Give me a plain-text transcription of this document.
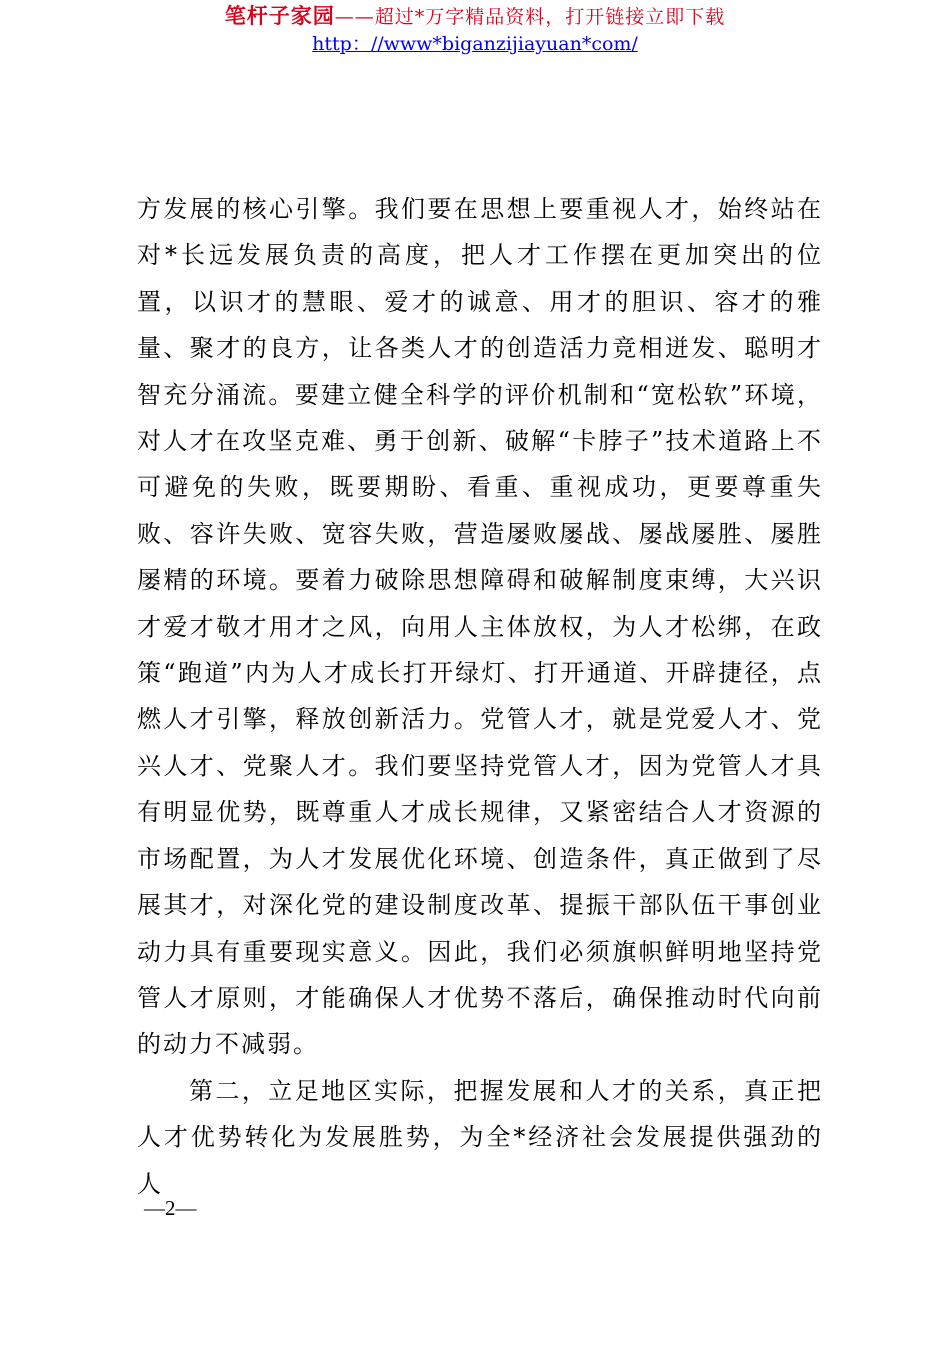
笔杆子家园——超过*万字精品资料，打开链接立即下载
http：//www*biganzijiayuan*com/

方发展的核心引擎。我们要在思想上要重视人才，始终站在对*长远发展负责的高度，把人才工作摆在更加突出的位置，以识才的慧眼、爱才的诚意、用才的胆识、容才的雅量、聚才的良方，让各类人才的创造活力竞相迸发、聪明才智充分涌流。要建立健全科学的评价机制和“宽松软”环境，对人才在攻坚克难、勇于创新、破解“卡脖子”技术道路上不可避免的失败，既要期盼、看重、重视成功，更要尊重失败、容许失败、宽容失败，营造屡败屡战、屡战屡胜、屡胜屡精的环境。要着力破除思想障碍和破解制度束缚，大兴识才爱才敬才用才之风，向用人主体放权，为人才松绑，在政策“跑道”内为人才成长打开绿灯、打开通道、开辟捷径，点燃人才引擎，释放创新活力。党管人才，就是党爱人才、党兴人才、党聚人才。我们要坚持党管人才，因为党管人才具有明显优势，既尊重人才成长规律，又紧密结合人才资源的市场配置，为人才发展优化环境、创造条件，真正做到了尽展其才，对深化党的建设制度改革、提振干部队伍干事创业动力具有重要现实意义。因此，我们必须旗帜鲜明地坚持党管人才原则，才能确保人才优势不落后，确保推动时代向前的动力不减弱。

第二，立足地区实际，把握发展和人才的关系，真正把人才优势转化为发展胜势，为全*经济社会发展提供强劲的人

—2—
